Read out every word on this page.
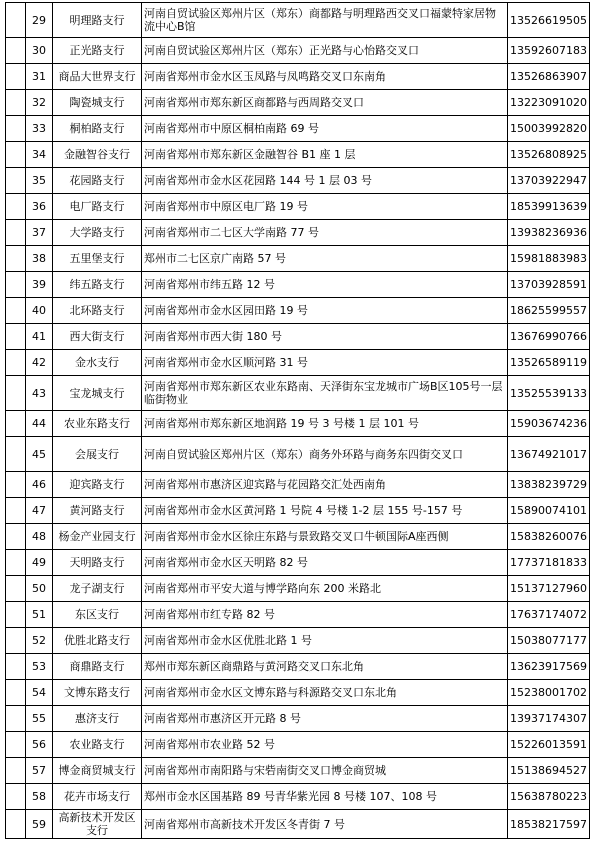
	29	明理路支行	河南自贸试验区郑州片区（郑东）商都路与明理路西交叉口福蒙特家居物流中心B馆	13526619505
	30	正光路支行	河南自贸试验区郑州片区（郑东）正光路与心怡路交叉口	13592607183
	31	商品大世界支行	河南省郑州市金水区玉凤路与凤鸣路交叉口东南角	13526863907
	32	陶瓷城支行	河南省郑州市郑东新区商都路与西周路交叉口	13223091020
	33	桐柏路支行	河南省郑州市中原区桐柏南路 69 号	15003992820
	34	金融智谷支行	河南省郑州市郑东新区金融智谷 B1 座 1 层	13526808925
	35	花园路支行	河南省郑州市金水区花园路 144 号 1 层 03 号	13703922947
	36	电厂路支行	河南省郑州市中原区电厂路 19 号	18539913639
	37	大学路支行	河南省郑州市二七区大学南路 77 号	13938236936
	38	五里堡支行	郑州市二七区京广南路 57 号	15981883983
	39	纬五路支行	河南省郑州市纬五路 12 号	13703928591
	40	北环路支行	河南省郑州市金水区园田路 19 号	18625599557
	41	西大街支行	河南省郑州市西大街 180 号	13676990766
	42	金水支行	河南省郑州市金水区顺河路 31 号	13526589119
	43	宝龙城支行	河南省郑州市郑东新区农业东路南、天泽街东宝龙城市广场B区105号一层临街物业	13525539133
	44	农业东路支行	河南省郑州市郑东新区地润路 19 号 3 号楼 1 层 101 号	15903674236
	45	会展支行	河南自贸试验区郑州片区（郑东）商务外环路与商务东四街交叉口	13674921017
	46	迎宾路支行	河南省郑州市惠济区迎宾路与花园路交汇处西南角	13838239729
	47	黄河路支行	河南省郑州市金水区黄河路 1 号院 4 号楼 1-2 层 155 号-157 号	15890074101
	48	杨金产业园支行	河南省郑州市金水区徐庄东路与景致路交叉口牛顿国际A座西侧	15838260076
	49	天明路支行	河南省郑州市金水区天明路 82 号	17737181833
	50	龙子湖支行	河南省郑州市平安大道与博学路向东 200 米路北	15137127960
	51	东区支行	河南省郑州市红专路 82 号	17637174072
	52	优胜北路支行	河南省郑州市金水区优胜北路 1 号	15038077177
	53	商鼎路支行	郑州市郑东新区商鼎路与黄河路交叉口东北角	13623917569
	54	文博东路支行	河南省郑州市金水区文博东路与科源路交叉口东北角	15238001702
	55	惠济支行	河南省郑州市惠济区开元路 8 号	13937174307
	56	农业路支行	河南省郑州市农业路 52 号	15226013591
	57	博金商贸城支行	河南省郑州市南阳路与宋砦南街交叉口博金商贸城	15138694527
	58	花卉市场支行	郑州市金水区国基路 89 号青华紫光园 8 号楼 107、108 号	15638780223
	59	高新技术开发区支行	河南省郑州市高新技术开发区冬青街 7 号	18538217597
